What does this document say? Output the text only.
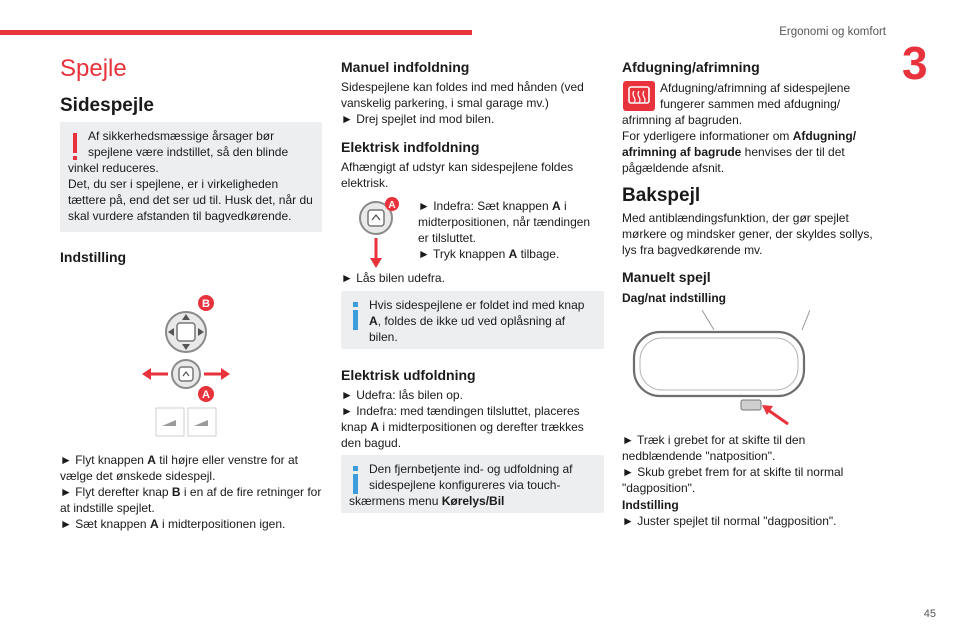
Ergonomi og komfort
3
45
Spejle
Sidespejle
Af sikkerhedsmæssige årsager bør
spejlene være indstillet, så den blinde
vinkel reduceres.
Det, du ser i spejlene, er i virkeligheden tættere på, end det ser ud til. Husk det, når du skal vurdere afstanden til bagvedkørende.
Indstilling
B
A
► Flyt knappen A til højre eller venstre for at vælge det ønskede sidespejl.
► Flyt derefter knap B i en af de fire retninger for at indstille spejlet.
► Sæt knappen A i midterpositionen igen.
Manuel indfoldning
Sidespejlene kan foldes ind med hånden (ved vanskelig parkering, i smal garage mv.)
► Drej spejlet ind mod bilen.
Elektrisk indfoldning
Afhængigt af udstyr kan sidespejlene foldes elektrisk.
A ► Indefra: Sæt knappen A i midterpositionen, når tændingen er tilsluttet.
► Tryk knappen A tilbage.
► Lås bilen udefra.
Hvis sidespejlene er foldet ind med knap
A, foldes de ikke ud ved oplåsning af bilen.
Elektrisk udfoldning
► Udefra: lås bilen op.
► Indefra: med tændingen tilsluttet, placeres knap A i midterpositionen og derefter trækkes den bagud.
Den fjernbetjente ind- og udfoldning af
sidespejlene konfigureres via touch-
skærmens menu Kørelys/Bil
Afdugning/afrimning
Afdugning/afrimning af sidespejlene
fungerer sammen med afdugning/
afrimning af bagruden.
For yderligere informationer om Afdugning/ afrimning af bagrude henvises der til det pågældende afsnit.
Bakspejl
Med antiblændingsfunktion, der gør spejlet mørkere og mindsker gener, der skyldes sollys, lys fra bagvedkørende mv.
Manuelt spejl
Dag/nat indstilling
► Træk i grebet for at skifte til den nedblændende "natposition".
► Skub grebet frem for at skifte til normal "dagposition".
Indstilling
► Juster spejlet til normal "dagposition".
